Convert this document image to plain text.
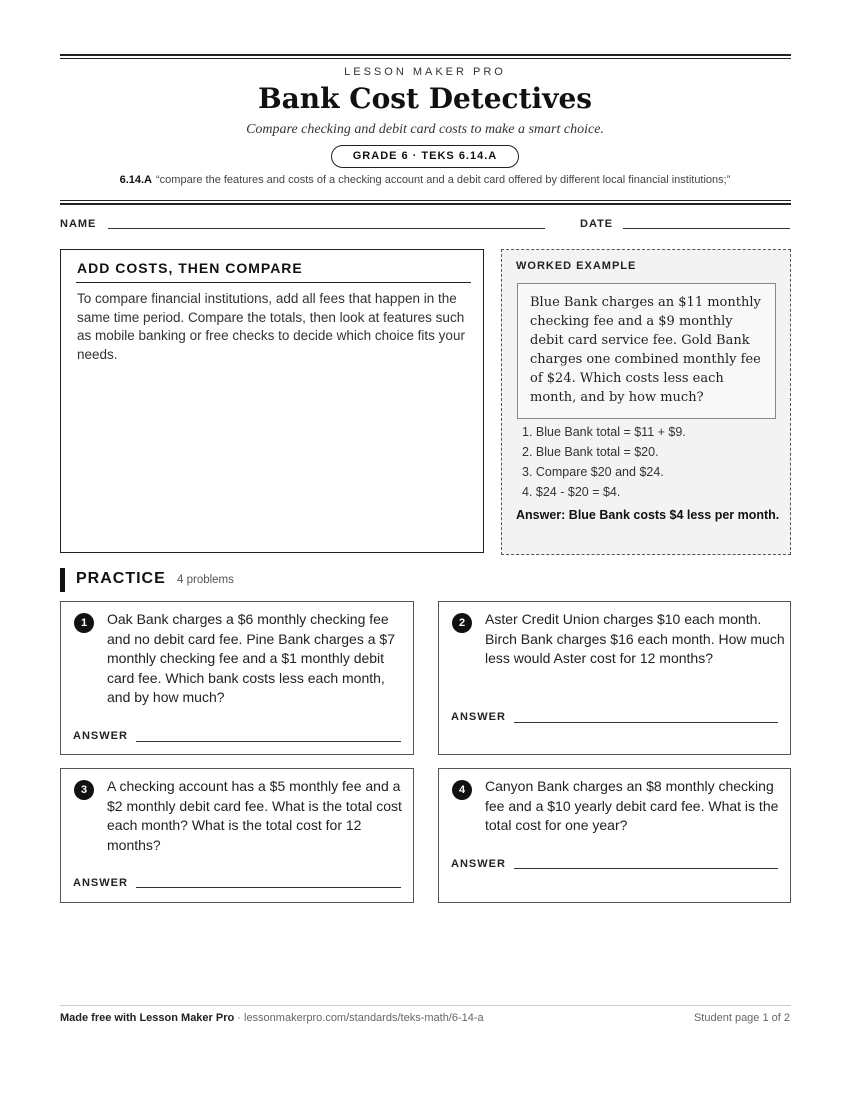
LESSON MAKER PRO
Bank Cost Detectives
Compare checking and debit card costs to make a smart choice.
GRADE 6 · TEKS 6.14.A
6.14.A “compare the features and costs of a checking account and a debit card offered by different local financial institutions;”
NAME	DATE
ADD COSTS, THEN COMPARE
To compare financial institutions, add all fees that happen in the same time period. Compare the totals, then look at features such as mobile banking or free checks to decide which choice fits your needs.
WORKED EXAMPLE
Blue Bank charges an $11 monthly checking fee and a $9 monthly debit card service fee. Gold Bank charges one combined monthly fee of $24. Which costs less each month, and by how much?
1. Blue Bank total = $11 + $9.
2. Blue Bank total = $20.
3. Compare $20 and $24.
4. $24 - $20 = $4.
Answer: Blue Bank costs $4 less per month.
PRACTICE 4 problems
1	Oak Bank charges a $6 monthly checking fee and no debit card fee. Pine Bank charges a $7 monthly checking fee and a $1 monthly debit card fee. Which bank costs less each month, and by how much?
ANSWER
2	Aster Credit Union charges $10 each month. Birch Bank charges $16 each month. How much less would Aster cost for 12 months?
ANSWER
3	A checking account has a $5 monthly fee and a $2 monthly debit card fee. What is the total cost each month? What is the total cost for 12 months?
ANSWER
4	Canyon Bank charges an $8 monthly checking fee and a $10 yearly debit card fee. What is the total cost for one year?
ANSWER
Made free with Lesson Maker Pro · lessonmakerpro.com/standards/teks-math/6-14-a	Student page 1 of 2
